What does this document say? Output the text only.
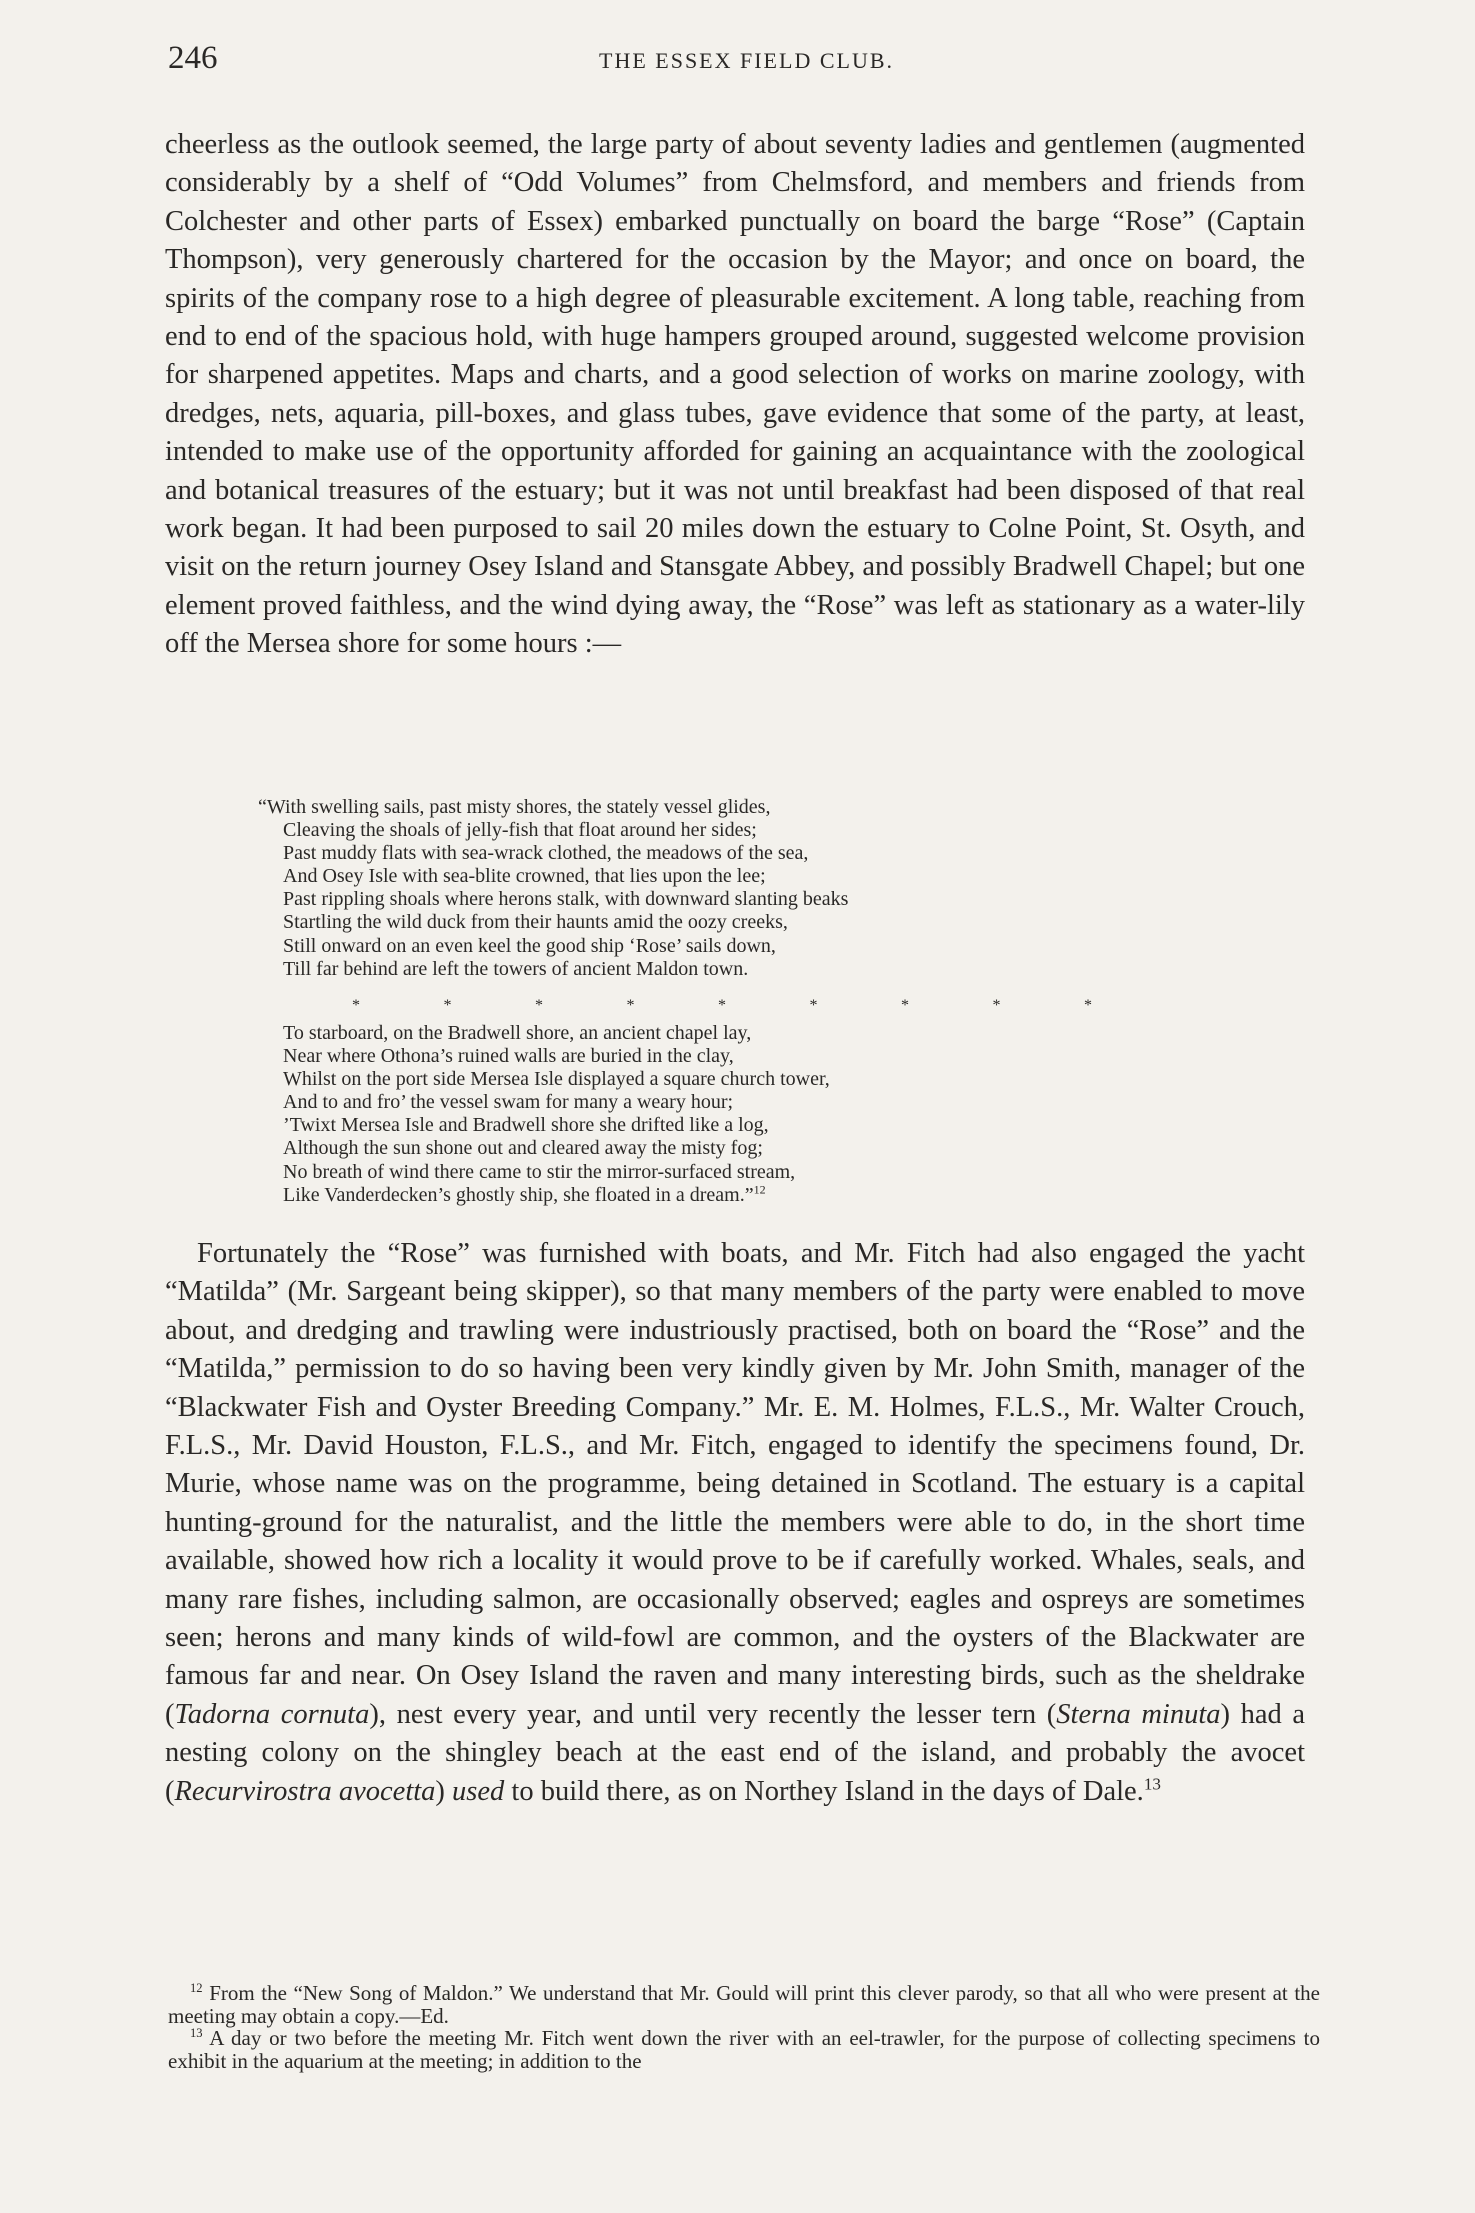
246	THE ESSEX FIELD CLUB.

cheerless as the outlook seemed, the large party of about seventy ladies and gentlemen (augmented considerably by a shelf of “Odd Volumes” from Chelmsford, and members and friends from Colchester and other parts of Essex) embarked punctually on board the barge “Rose” (Captain Thompson), very generously chartered for the occasion by the Mayor; and once on board, the spirits of the company rose to a high degree of pleasurable excitement. A long table, reaching from end to end of the spacious hold, with huge hampers grouped around, suggested welcome provision for sharpened appetites. Maps and charts, and a good selection of works on marine zoology, with dredges, nets, aquaria, pill-boxes, and glass tubes, gave evidence that some of the party, at least, intended to make use of the opportunity afforded for gaining an acquaintance with the zoological and botanical treasures of the estuary; but it was not until breakfast had been disposed of that real work began. It had been purposed to sail 20 miles down the estuary to Colne Point, St. Osyth, and visit on the return journey Osey Island and Stansgate Abbey, and possibly Bradwell Chapel; but one element proved faithless, and the wind dying away, the “Rose” was left as stationary as a water-lily off the Mersea shore for some hours :—

“With swelling sails, past misty shores, the stately vessel glides,
Cleaving the shoals of jelly-fish that float around her sides;
Past muddy flats with sea-wrack clothed, the meadows of the sea,
And Osey Isle with sea-blite crowned, that lies upon the lee;
Past rippling shoals where herons stalk, with downward slanting beaks
Startling the wild duck from their haunts amid the oozy creeks,
Still onward on an even keel the good ship ‘Rose’ sails down,
Till far behind are left the towers of ancient Maldon town.
*	*	*	*	*	*	*	*	*
To starboard, on the Bradwell shore, an ancient chapel lay,
Near where Othona’s ruined walls are buried in the clay,
Whilst on the port side Mersea Isle displayed a square church tower,
And to and fro’ the vessel swam for many a weary hour;
’Twixt Mersea Isle and Bradwell shore she drifted like a log,
Although the sun shone out and cleared away the misty fog;
No breath of wind there came to stir the mirror-surfaced stream,
Like Vanderdecken’s ghostly ship, she floated in a dream.”$^{12}$

Fortunately the “Rose” was furnished with boats, and Mr. Fitch had also engaged the yacht “Matilda” (Mr. Sargeant being skipper), so that many members of the party were enabled to move about, and dredging and trawling were industriously practised, both on board the “Rose” and the “Matilda,” permission to do so having been very kindly given by Mr. John Smith, manager of the “Blackwater Fish and Oyster Breeding Company.” Mr. E. M. Holmes, F.L.S., Mr. Walter Crouch, F.L.S., Mr. David Houston, F.L.S., and Mr. Fitch, engaged to identify the specimens found, Dr. Murie, whose name was on the programme, being detained in Scotland. The estuary is a capital hunting-ground for the naturalist, and the little the members were able to do, in the short time available, showed how rich a locality it would prove to be if carefully worked. Whales, seals, and many rare fishes, including salmon, are occasionally observed; eagles and ospreys are sometimes seen; herons and many kinds of wild-fowl are common, and the oysters of the Blackwater are famous far and near. On Osey Island the raven and many interesting birds, such as the sheldrake (Tadorna cornuta), nest every year, and until very recently the lesser tern (Sterna minuta) had a nesting colony on the shingley beach at the east end of the island, and probably the avocet (Recurvirostra avocetta) used to build there, as on Northey Island in the days of Dale.$^{13}$

$^{12}$ From the “New Song of Maldon.” We understand that Mr. Gould will print this clever parody, so that all who were present at the meeting may obtain a copy.—Ed.

$^{13}$ A day or two before the meeting Mr. Fitch went down the river with an eel-trawler, for the purpose of collecting specimens to exhibit in the aquarium at the meeting; in addition to the
